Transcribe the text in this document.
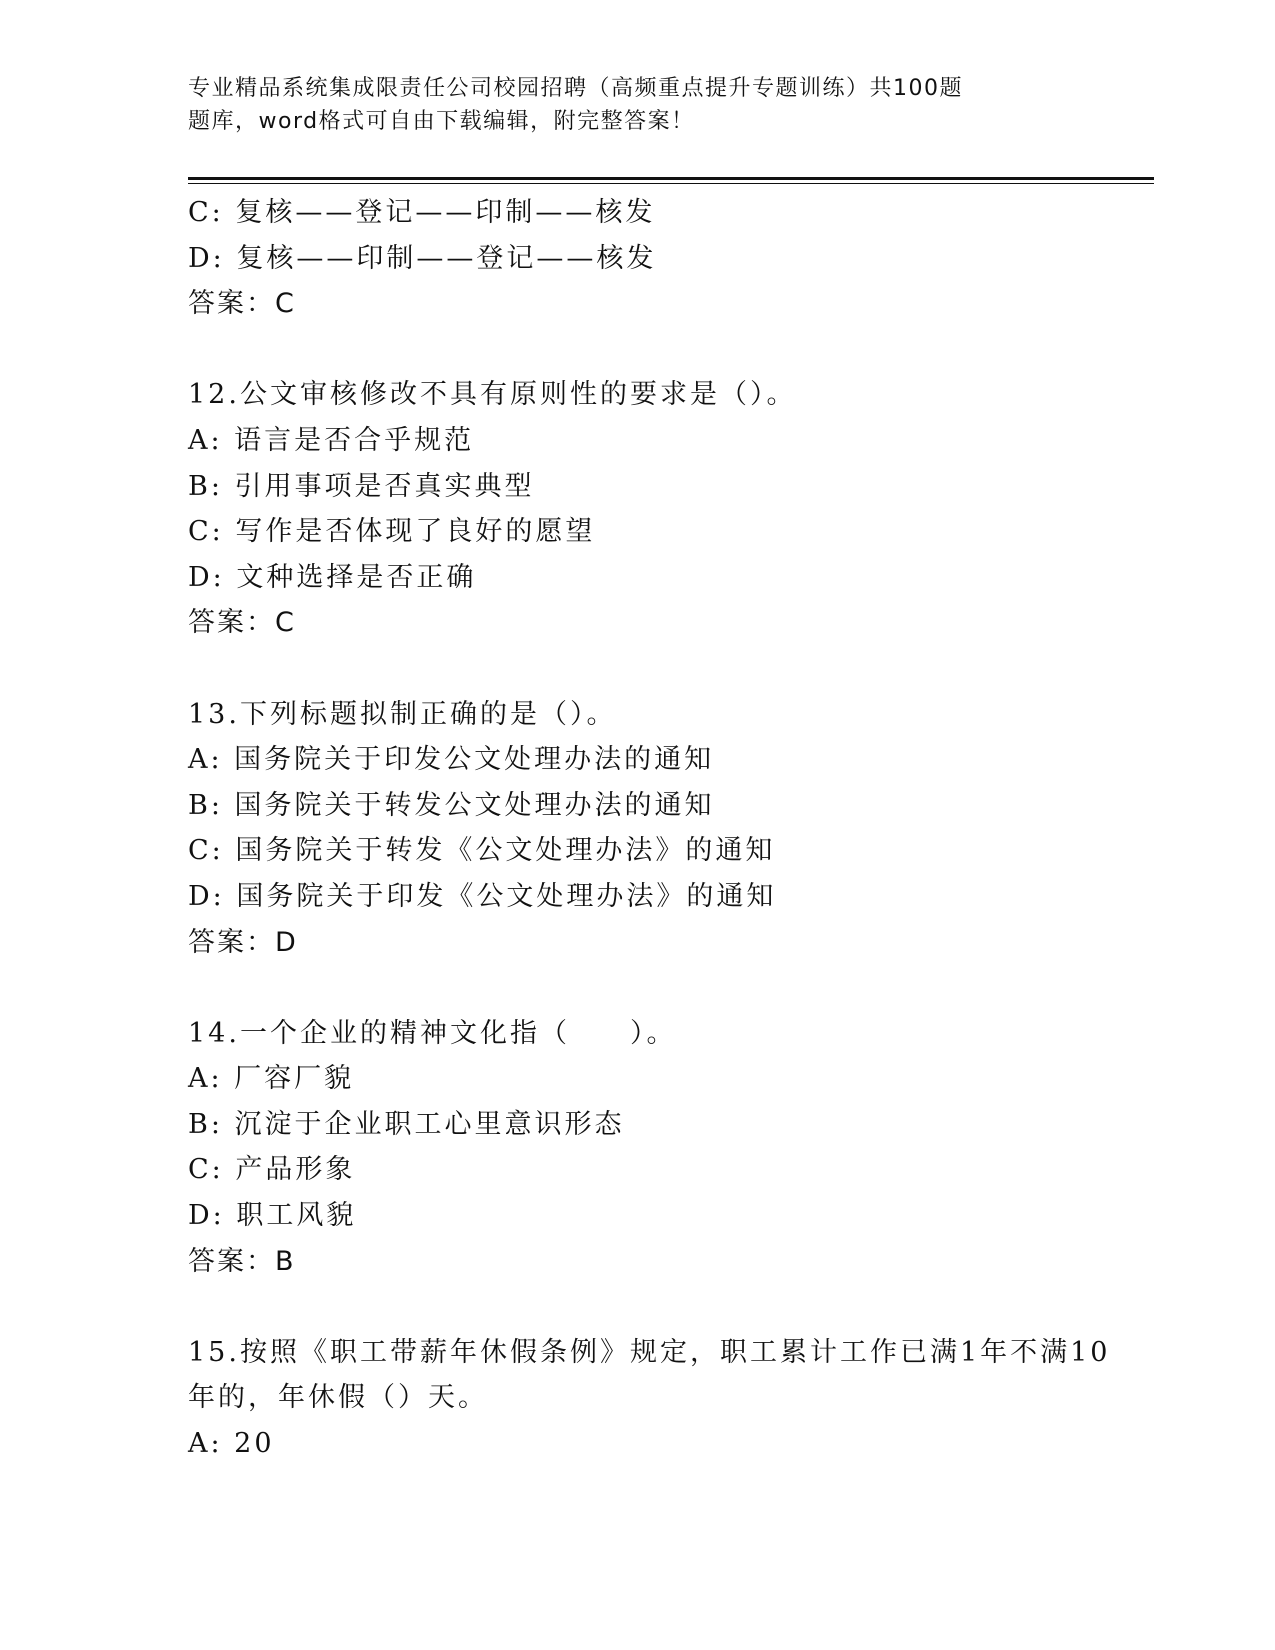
专业精品系统集成限责任公司校园招聘（高频重点提升专题训练）共100题
题库，word格式可自由下载编辑，附完整答案！
C: 复核——登记——印制——核发
D: 复核——印制——登记——核发
答案：C
12.公文审核修改不具有原则性的要求是（）。
A: 语言是否合乎规范
B: 引用事项是否真实典型
C: 写作是否体现了良好的愿望
D: 文种选择是否正确
答案：C
13.下列标题拟制正确的是（）。
A: 国务院关于印发公文处理办法的通知
B: 国务院关于转发公文处理办法的通知
C: 国务院关于转发《公文处理办法》的通知
D: 国务院关于印发《公文处理办法》的通知
答案：D
14.一个企业的精神文化指（　　）。
A: 厂容厂貌
B: 沉淀于企业职工心里意识形态
C: 产品形象
D: 职工风貌
答案：B
15.按照《职工带薪年休假条例》规定，职工累计工作已满1年不满10
年的，年休假（）天。
A: 20
